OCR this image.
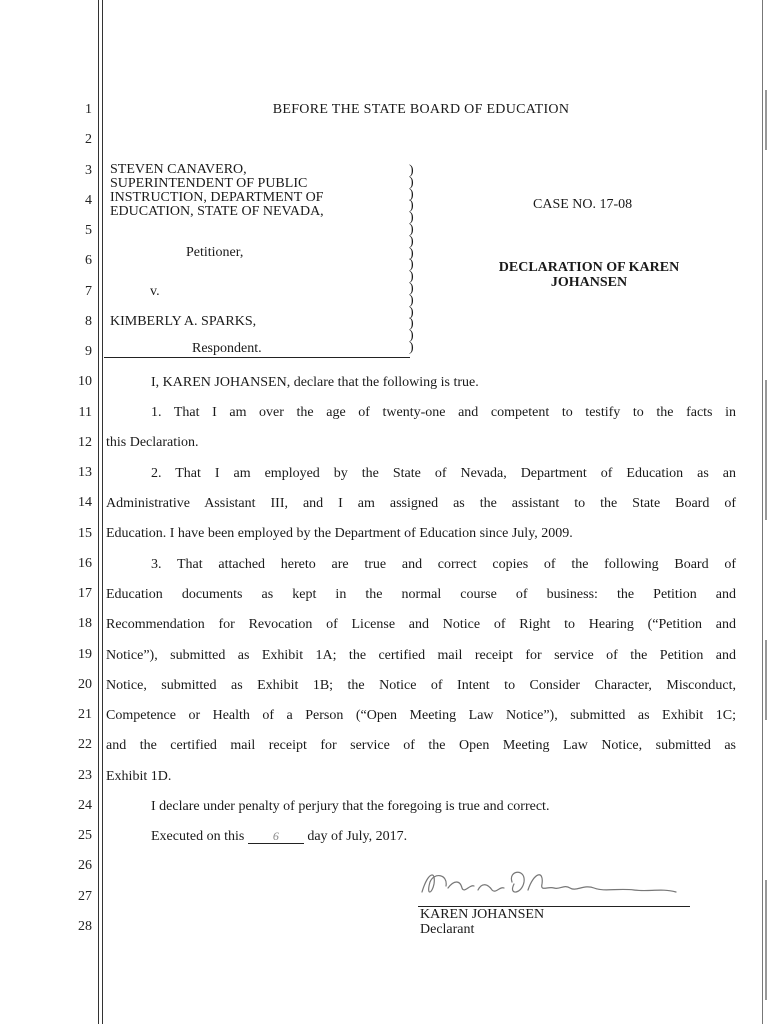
1
2
3
4
5
6
7
8
9
10
11
12
13
14
15
16
17
18
19
20
21
22
23
24
25
26
27
28
BEFORE THE STATE BOARD OF EDUCATION
STEVEN CANAVERO,
SUPERINTENDENT OF PUBLIC
INSTRUCTION, DEPARTMENT OF
EDUCATION, STATE OF NEVADA,
Petitioner,
v.
KIMBERLY A. SPARKS,
Respondent.
)
)
)
)
)
)
)
)
)
)
)
)
)
)
)
)
CASE NO. 17-08
DECLARATION OF KAREN
JOHANSEN
I, KAREN JOHANSEN, declare that the following is true.
1. That I am over the age of twenty-one and competent to testify to the facts in
this Declaration.
2. That I am employed by the State of Nevada, Department of Education as an
Administrative Assistant III, and I am assigned as the assistant to the State Board of
Education. I have been employed by the Department of Education since July, 2009.
3. That attached hereto are true and correct copies of the following Board of
Education documents as kept in the normal course of business: the Petition and
Recommendation for Revocation of License and Notice of Right to Hearing (“Petition and
Notice”), submitted as Exhibit 1A; the certified mail receipt for service of the Petition and
Notice, submitted as Exhibit 1B; the Notice of Intent to Consider Character, Misconduct,
Competence or Health of a Person (“Open Meeting Law Notice”), submitted as Exhibit 1C;
and the certified mail receipt for service of the Open Meeting Law Notice, submitted as
Exhibit 1D.
I declare under penalty of perjury that the foregoing is true and correct.
Executed on this 6 day of July, 2017.
KAREN JOHANSEN
Declarant
